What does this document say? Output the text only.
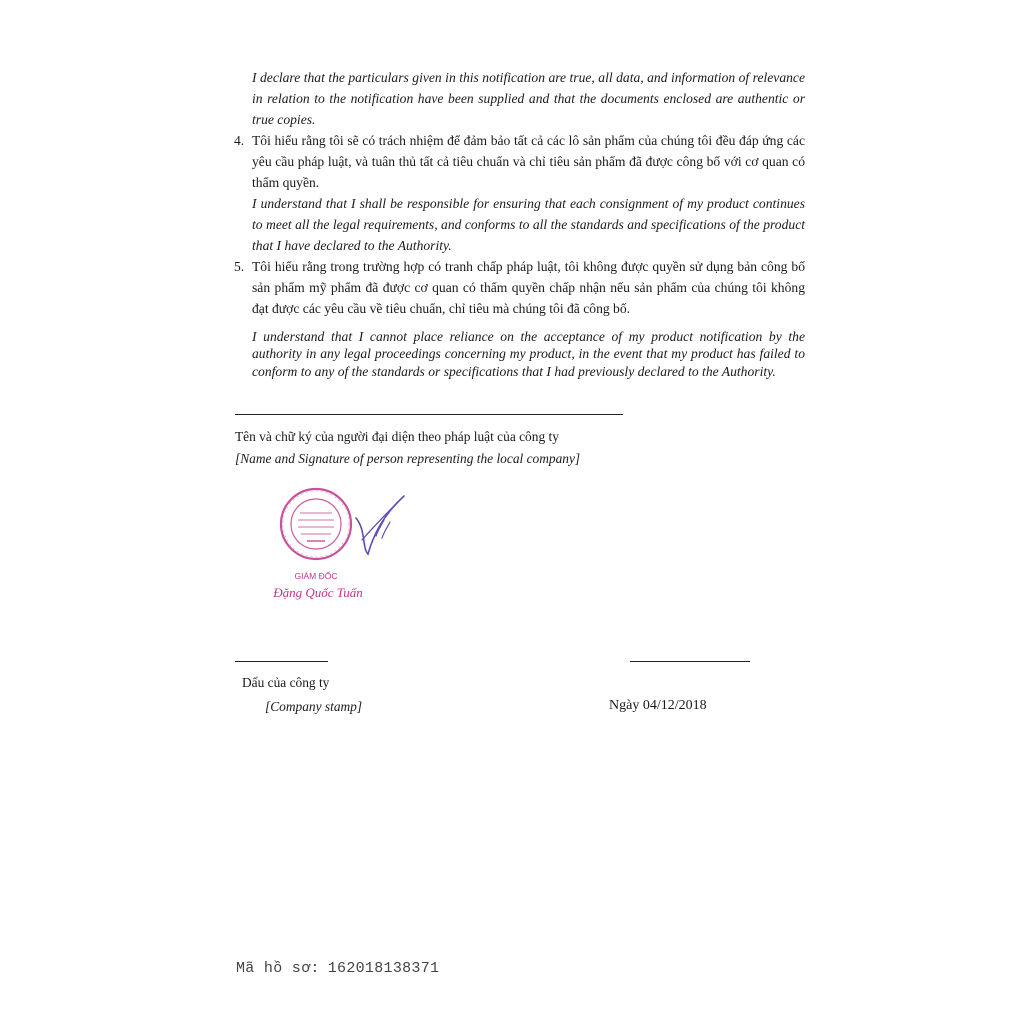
I declare that the particulars given in this notification are true, all data, and information of relevance in relation to the notification have been supplied and that the documents enclosed are authentic or true copies.

4. Tôi hiểu rằng tôi sẽ có trách nhiệm để đảm bảo tất cả các lô sản phẩm của chúng tôi đều đáp ứng các yêu cầu pháp luật, và tuân thủ tất cả tiêu chuẩn và chỉ tiêu sản phẩm đã được công bố với cơ quan có thẩm quyền.

I understand that I shall be responsible for ensuring that each consignment of my product continues to meet all the legal requirements, and conforms to all the standards and specifications of the product that I have declared to the Authority.

5. Tôi hiểu rằng trong trường hợp có tranh chấp pháp luật, tôi không được quyền sử dụng bản công bố sản phẩm mỹ phẩm đã được cơ quan có thẩm quyền chấp nhận nếu sản phẩm của chúng tôi không đạt được các yêu cầu về tiêu chuẩn, chỉ tiêu mà chúng tôi đã công bố.

I understand that I cannot place reliance on the acceptance of my product notification by the authority in any legal proceedings concerning my product, in the event that my product has failed to conform to any of the standards or specifications that I had previously declared to the Authority.

Tên và chữ ký của người đại diện theo pháp luật của công ty
[Name and Signature of person representing the local company]
GIÁM ĐỐC
Đặng Quốc Tuấn
Dấu của công ty
[Company stamp]	Ngày 04/12/2018
Mã hồ sơ: 162018138371
